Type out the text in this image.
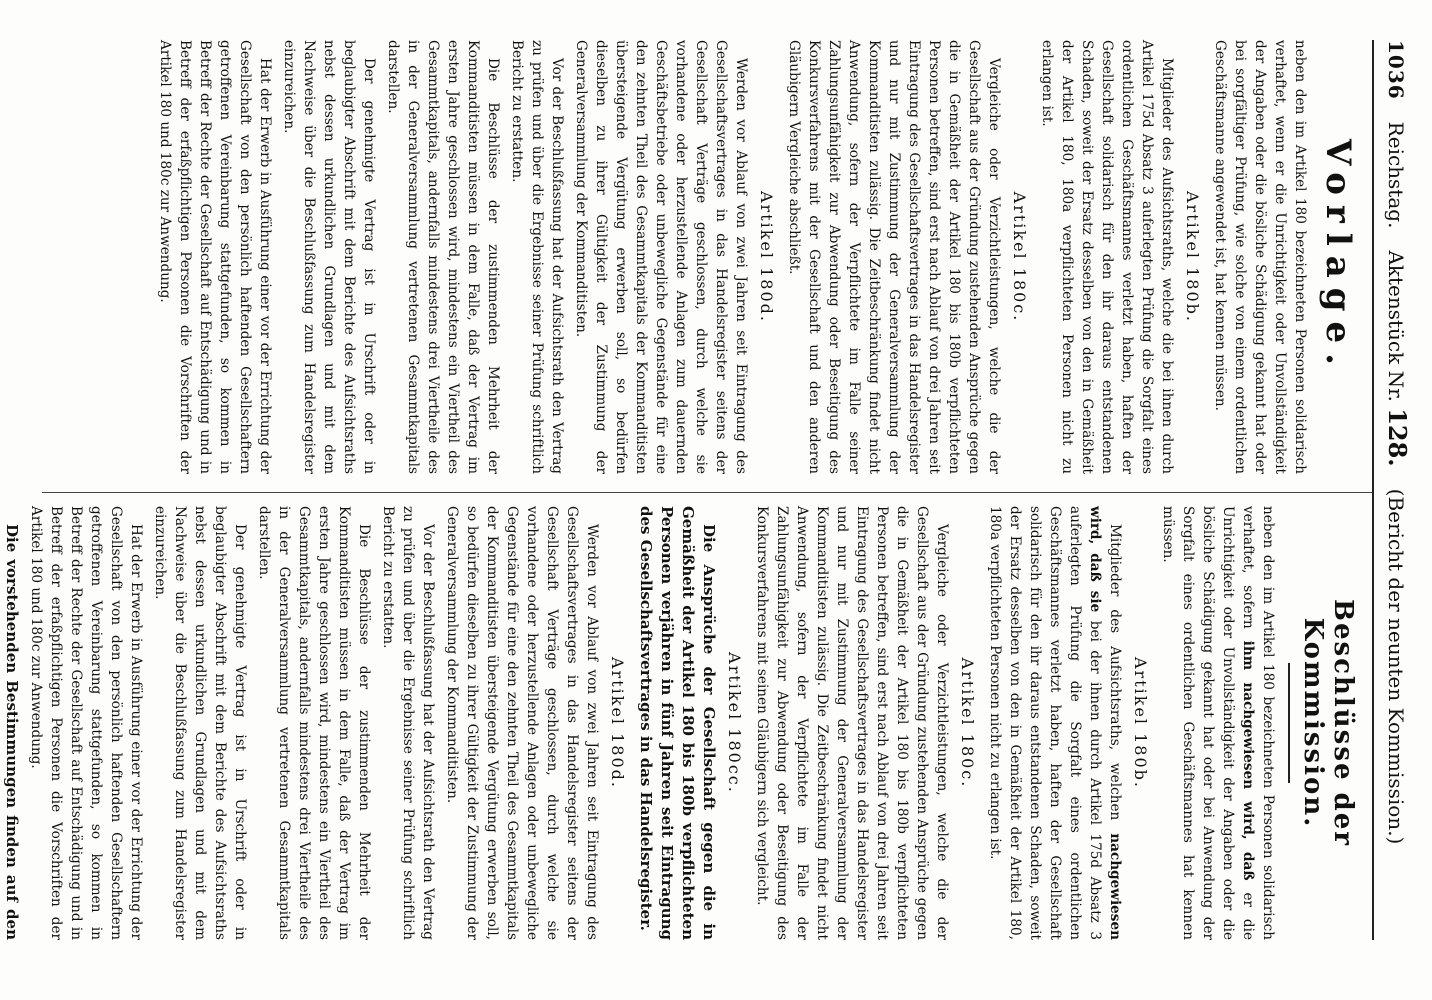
1036
Reichstag.
Aktenstück Nr. 128.
(Bericht der neunten Kommission.)
Vorlage.

neben den im Artikel 180 bezeichneten Personen solidarisch verhaftet, wenn er die Unrichtigkeit oder Unvollständigkeit der Angaben oder die bösliche Schädigung gekannt hat oder bei sorgfältiger Prüfung, wie solche von einem ordentlichen Geschäftsmanne angewendet ist, hat kennen müssen.

Artikel 180b.

Mitglieder des Aufsichtsraths, welche die bei ihnen durch Artikel 175d Absatz 3 auferlegten Prüfung die Sorgfalt eines ordentlichen Geschäftsmannes verletzt haben, haften der Gesellschaft solidarisch für den ihr daraus entstandenen Schaden, soweit der Ersatz desselben von den in Gemäßheit der Artikel 180, 180a verpflichteten Personen nicht zu erlangen ist.

Artikel 180c.

Vergleiche oder Verzichtleistungen, welche die der Gesellschaft aus der Gründung zustehenden Ansprüche gegen die in Gemäßheit der Artikel 180 bis 180b verpflichteten Personen betreffen, sind erst nach Ablauf von drei Jahren seit Eintragung des Gesellschaftsvertrages in das Handelsregister und nur mit Zustimmung der Generalversammlung der Kommanditisten zulässig. Die Zeitbeschränkung findet nicht Anwendung, sofern der Verpflichtete im Falle seiner Zahlungsunfähigkeit zur Abwendung oder Beseitigung des Konkursverfahrens mit der Gesellschaft und den anderen Gläubigern Vergleiche abschließt.

Artikel 180d.

Werden vor Ablauf von zwei Jahren seit Eintragung des Gesellschaftsvertrages in das Handelsregister seitens der Gesellschaft Verträge geschlossen, durch welche sie vorhandene oder herzustellende Anlagen zum dauernden Geschäftsbetriebe oder unbewegliche Gegenstände für eine den zehnten Theil des Gesammtkapitals der Kommanditisten übersteigende Vergütung erwerben soll, so bedürfen dieselben zu ihrer Gültigkeit der Zustimmung der Generalversammlung der Kommanditisten.

Vor der Beschlußfassung hat der Aufsichtsrath den Vertrag zu prüfen und über die Ergebnisse seiner Prüfung schriftlich Bericht zu erstatten.

Die Beschlüsse der zustimmenden Mehrheit der Kommanditisten müssen in dem Falle, daß der Vertrag im ersten Jahre geschlossen wird, mindestens ein Viertheil des Gesammtkapitals, andernfalls mindestens drei Viertheile des in der Generalversammlung vertretenen Gesammtkapitals darstellen.

Der genehmigte Vertrag ist in Urschrift oder in beglaubigter Abschrift mit dem Berichte des Aufsichtsraths nebst dessen urkundlichen Grundlagen und mit dem Nachweise über die Beschlußfassung zum Handelsregister einzureichen.

Hat der Erwerb in Ausführung einer vor der Errichtung der Gesellschaft von den persönlich haftenden Gesellschaftern getroffenen Vereinbarung stattgefunden, so kommen in Betreff der Rechte der Gesellschaft auf Entschädigung und in Betreff der erfaßpflichtigen Personen die Vorschriften der Artikel 180 und 180c zur Anwendung.

Beschlüsse der Kommission.

neben den im Artikel 180 bezeichneten Personen solidarisch verhaftet, sofern ihm nachgewiesen wird, daß er die Unrichtigkeit oder Unvollständigkeit der Angaben oder die bösliche Schädigung gekannt hat oder bei Anwendung der Sorgfalt eines ordentlichen Geschäftsmannes hat kennen müssen.

Artikel 180b.

Mitglieder des Aufsichtsraths, welchen nachgewiesen wird, daß sie bei der ihnen durch Artikel 175d Absatz 3 auferlegten Prüfung die Sorgfalt eines ordentlichen Geschäftsmannes verletzt haben, haften der Gesellschaft solidarisch für den ihr daraus entstandenen Schaden, soweit der Ersatz desselben von den in Gemäßheit der Artikel 180, 180a verpflichteten Personen nicht zu erlangen ist.

Artikel 180c.

Vergleiche oder Verzichtleistungen, welche die der Gesellschaft aus der Gründung zustehenden Ansprüche gegen die in Gemäßheit der Artikel 180 bis 180b verpflichteten Personen betreffen, sind erst nach Ablauf von drei Jahren seit Eintragung des Gesellschaftsvertrages in das Handelsregister und nur mit Zustimmung der Generalversammlung der Kommanditisten zulässig. Die Zeitbeschränkung findet nicht Anwendung, sofern der Verpflichtete im Falle der Zahlungsunfähigkeit zur Abwendung oder Beseitigung des Konkursverfahrens mit seinen Gläubigern sich vergleicht.

Artikel 180cc.

Die Ansprüche der Gesellschaft gegen die in Gemäßheit der Artikel 180 bis 180b verpflichteten Personen verjähren in fünf Jahren seit Eintragung des Gesellschaftsvertrages in das Handelsregister.

Artikel 180d.

Werden vor Ablauf von zwei Jahren seit Eintragung des Gesellschaftsvertrages in das Handelsregister seitens der Gesellschaft Verträge geschlossen, durch welche sie vorhandene oder herzustellende Anlagen oder unbewegliche Gegenstände für eine den zehnten Theil des Gesammtkapitals der Kommanditisten übersteigende Vergütung erwerben soll, so bedürfen dieselben zu ihrer Gültigkeit der Zustimmung der Generalversammlung der Kommanditisten.

Vor der Beschlußfassung hat der Aufsichtsrath den Vertrag zu prüfen und über die Ergebnisse seiner Prüfung schriftlich Bericht zu erstatten.

Die Beschlüsse der zustimmenden Mehrheit der Kommanditisten müssen in dem Falle, daß der Vertrag im ersten Jahre geschlossen wird, mindestens ein Viertheil des Gesammtkapitals, andernfalls mindestens drei Viertheile des in der Generalversammlung vertretenen Gesammtkapitals darstellen.

Der genehmigte Vertrag ist in Urschrift oder in beglaubigter Abschrift mit dem Berichte des Aufsichtsraths nebst dessen urkundlichen Grundlagen und mit dem Nachweise über die Beschlußfassung zum Handelsregister einzureichen.

Hat der Erwerb in Ausführung einer vor der Errichtung der Gesellschaft von den persönlich haftenden Gesellschaftern getroffenen Vereinbarung stattgefunden, so kommen in Betreff der Rechte der Gesellschaft auf Entschädigung und in Betreff der erfaßpflichtigen Personen die Vorschriften der Artikel 180 und 180c zur Anwendung.

Die vorstehenden Bestimmungen finden auf den
